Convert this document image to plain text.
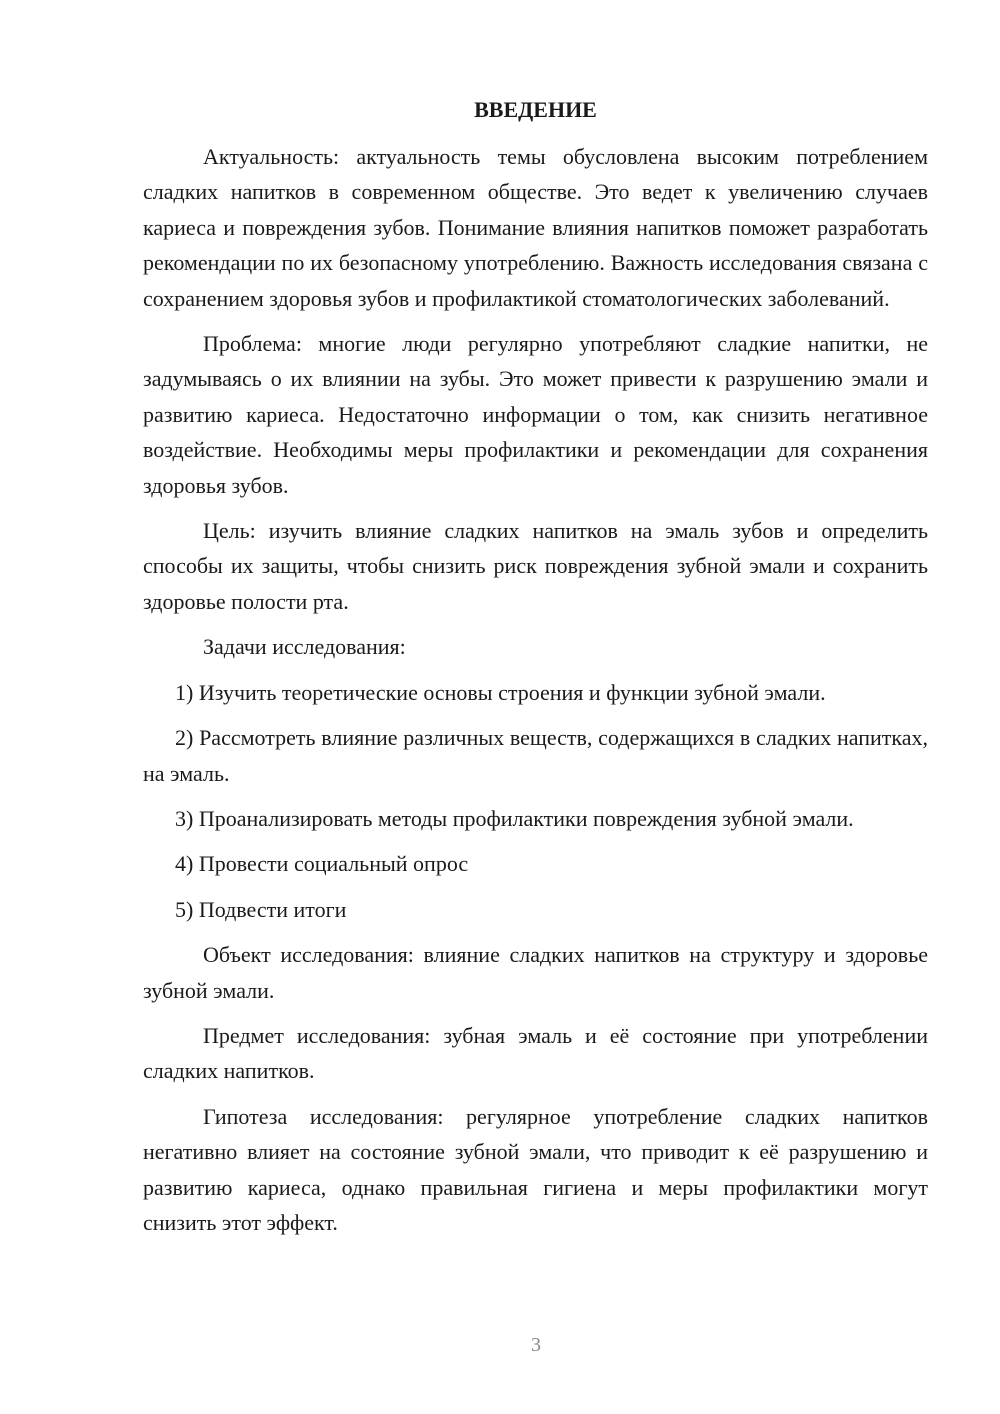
ВВЕДЕНИЕ

Актуальность: актуальность темы обусловлена высоким потреблением сладких напитков в современном обществе. Это ведет к увеличению случаев кариеса и повреждения зубов. Понимание влияния напитков поможет разработать рекомендации по их безопасному употреблению. Важность исследования связана с сохранением здоровья зубов и профилактикой стоматологических заболеваний.

Проблема: многие люди регулярно употребляют сладкие напитки, не задумываясь о их влиянии на зубы. Это может привести к разрушению эмали и развитию кариеса. Недостаточно информации о том, как снизить негативное воздействие. Необходимы меры профилактики и рекомендации для сохранения здоровья зубов.

Цель: изучить влияние сладких напитков на эмаль зубов и определить способы их защиты, чтобы снизить риск повреждения зубной эмали и сохранить здоровье полости рта.

Задачи исследования:

1) Изучить теоретические основы строения и функции зубной эмали.

2) Рассмотреть влияние различных веществ, содержащихся в сладких напитках, на эмаль.

3) Проанализировать методы профилактики повреждения зубной эмали.

4) Провести социальный опрос

5) Подвести итоги

Объект исследования: влияние сладких напитков на структуру и здоровье зубной эмали.

Предмет исследования: зубная эмаль и её состояние при употреблении сладких напитков.

Гипотеза исследования: регулярное употребление сладких напитков негативно влияет на состояние зубной эмали, что приводит к её разрушению и развитию кариеса, однако правильная гигиена и меры профилактики могут снизить этот эффект.

3
